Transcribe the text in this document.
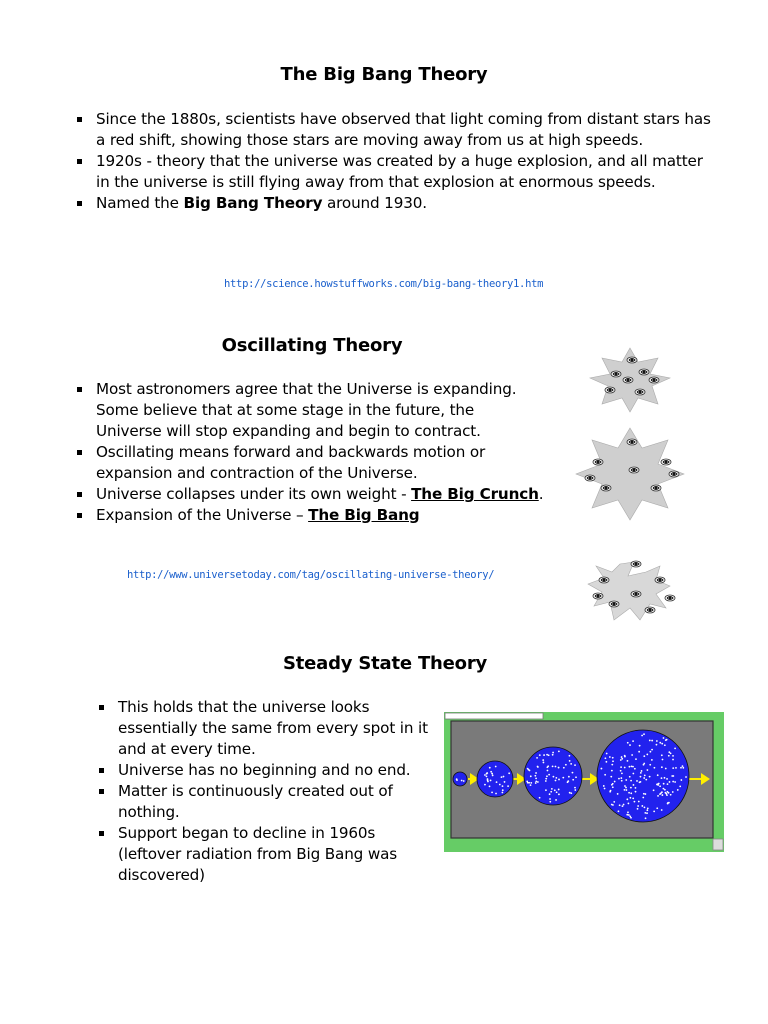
The Big Bang Theory
Since the 1880s, scientists have observed that light coming from distant stars has a red shift, showing those stars are moving away from us at high speeds.
1920s - theory that the universe was created by a huge explosion, and all matter in the universe is still flying away from that explosion at enormous speeds.
Named the Big Bang Theory around 1930.
http://science.howstuffworks.com/big-bang-theory1.htm
Oscillating Theory
Most astronomers agree that the Universe is expanding. Some believe that at some stage in the future, the Universe will stop expanding and begin to contract.
Oscillating means forward and backwards motion or expansion and contraction of the Universe.
Universe collapses under its own weight - The Big Crunch.
Expansion of the Universe – The Big Bang
http://www.universetoday.com/tag/oscillating-universe-theory/
Steady State Theory
This holds that the universe looks essentially the same from every spot in it and at every time.
Universe has no beginning and no end.
Matter is continuously created out of nothing.
Support began to decline in 1960s (leftover radiation from Big Bang was discovered)
